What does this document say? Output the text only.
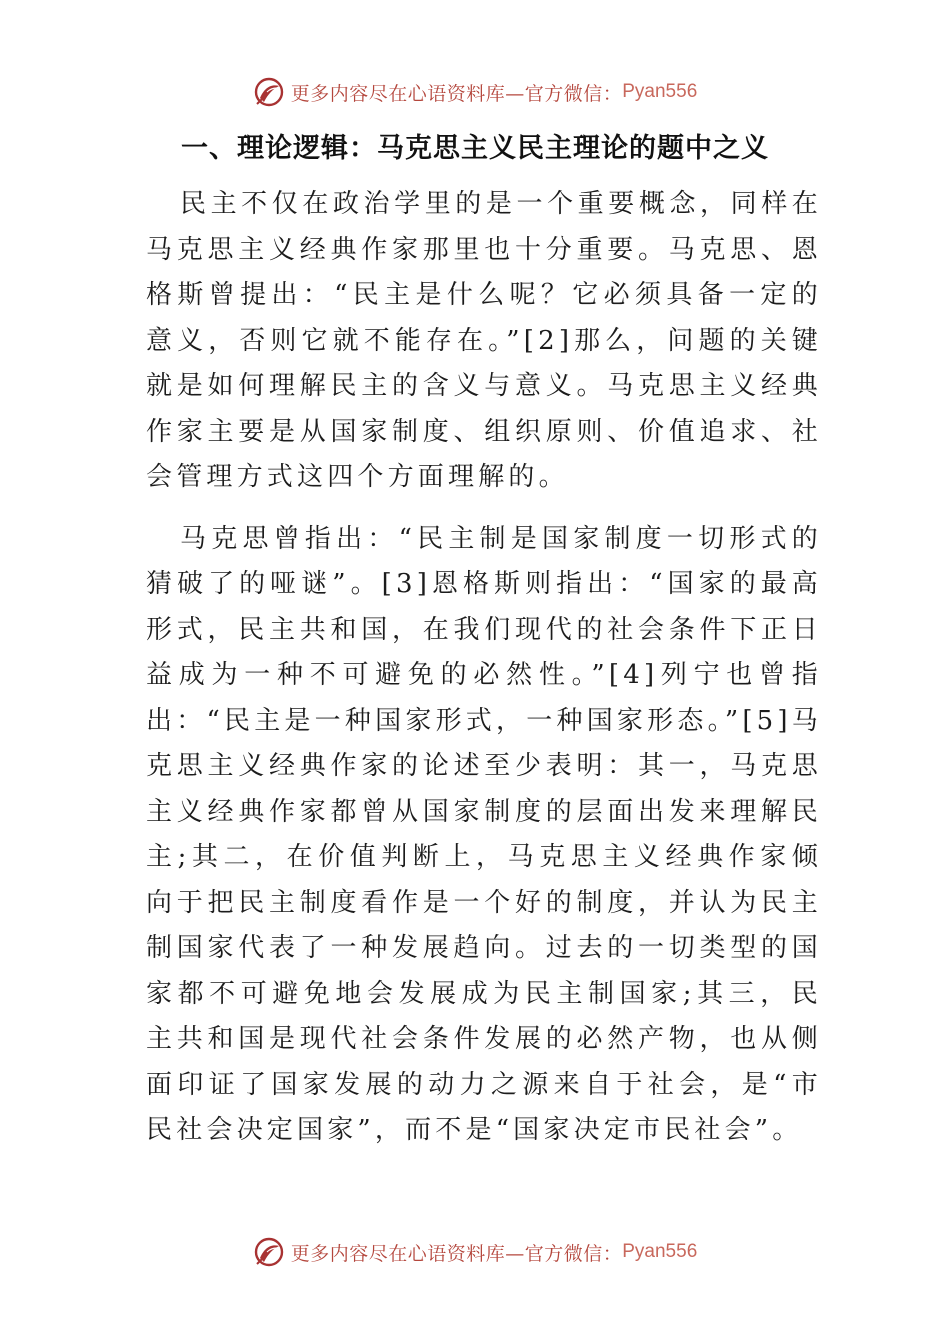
更多内容尽在心语资料库—官方微信： Pyan556
一、理论逻辑：马克思主义民主理论的题中之义

民主不仅在政治学里的是一个重要概念，同样在马克思主义经典作家那里也十分重要。马克思、恩格斯曾提出：“民主是什么呢？它必须具备一定的意义，否则它就不能存在。”[2]那么，问题的关键就是如何理解民主的含义与意义。马克思主义经典作家主要是从国家制度、组织原则、价值追求、社会管理方式这四个方面理解的。

马克思曾指出：“民主制是国家制度一切形式的猜破了的哑谜”。[3]恩格斯则指出：“国家的最高形式，民主共和国，在我们现代的社会条件下正日益成为一种不可避免的必然性。”[4]列宁也曾指出：“民主是一种国家形式，一种国家形态。”[5]马克思主义经典作家的论述至少表明：其一，马克思主义经典作家都曾从国家制度的层面出发来理解民主;其二，在价值判断上，马克思主义经典作家倾向于把民主制度看作是一个好的制度，并认为民主制国家代表了一种发展趋向。过去的一切类型的国家都不可避免地会发展成为民主制国家;其三，民主共和国是现代社会条件发展的必然产物，也从侧面印证了国家发展的动力之源来自于社会，是“市民社会决定国家”，而不是“国家决定市民社会”。

更多内容尽在心语资料库—官方微信： Pyan556
